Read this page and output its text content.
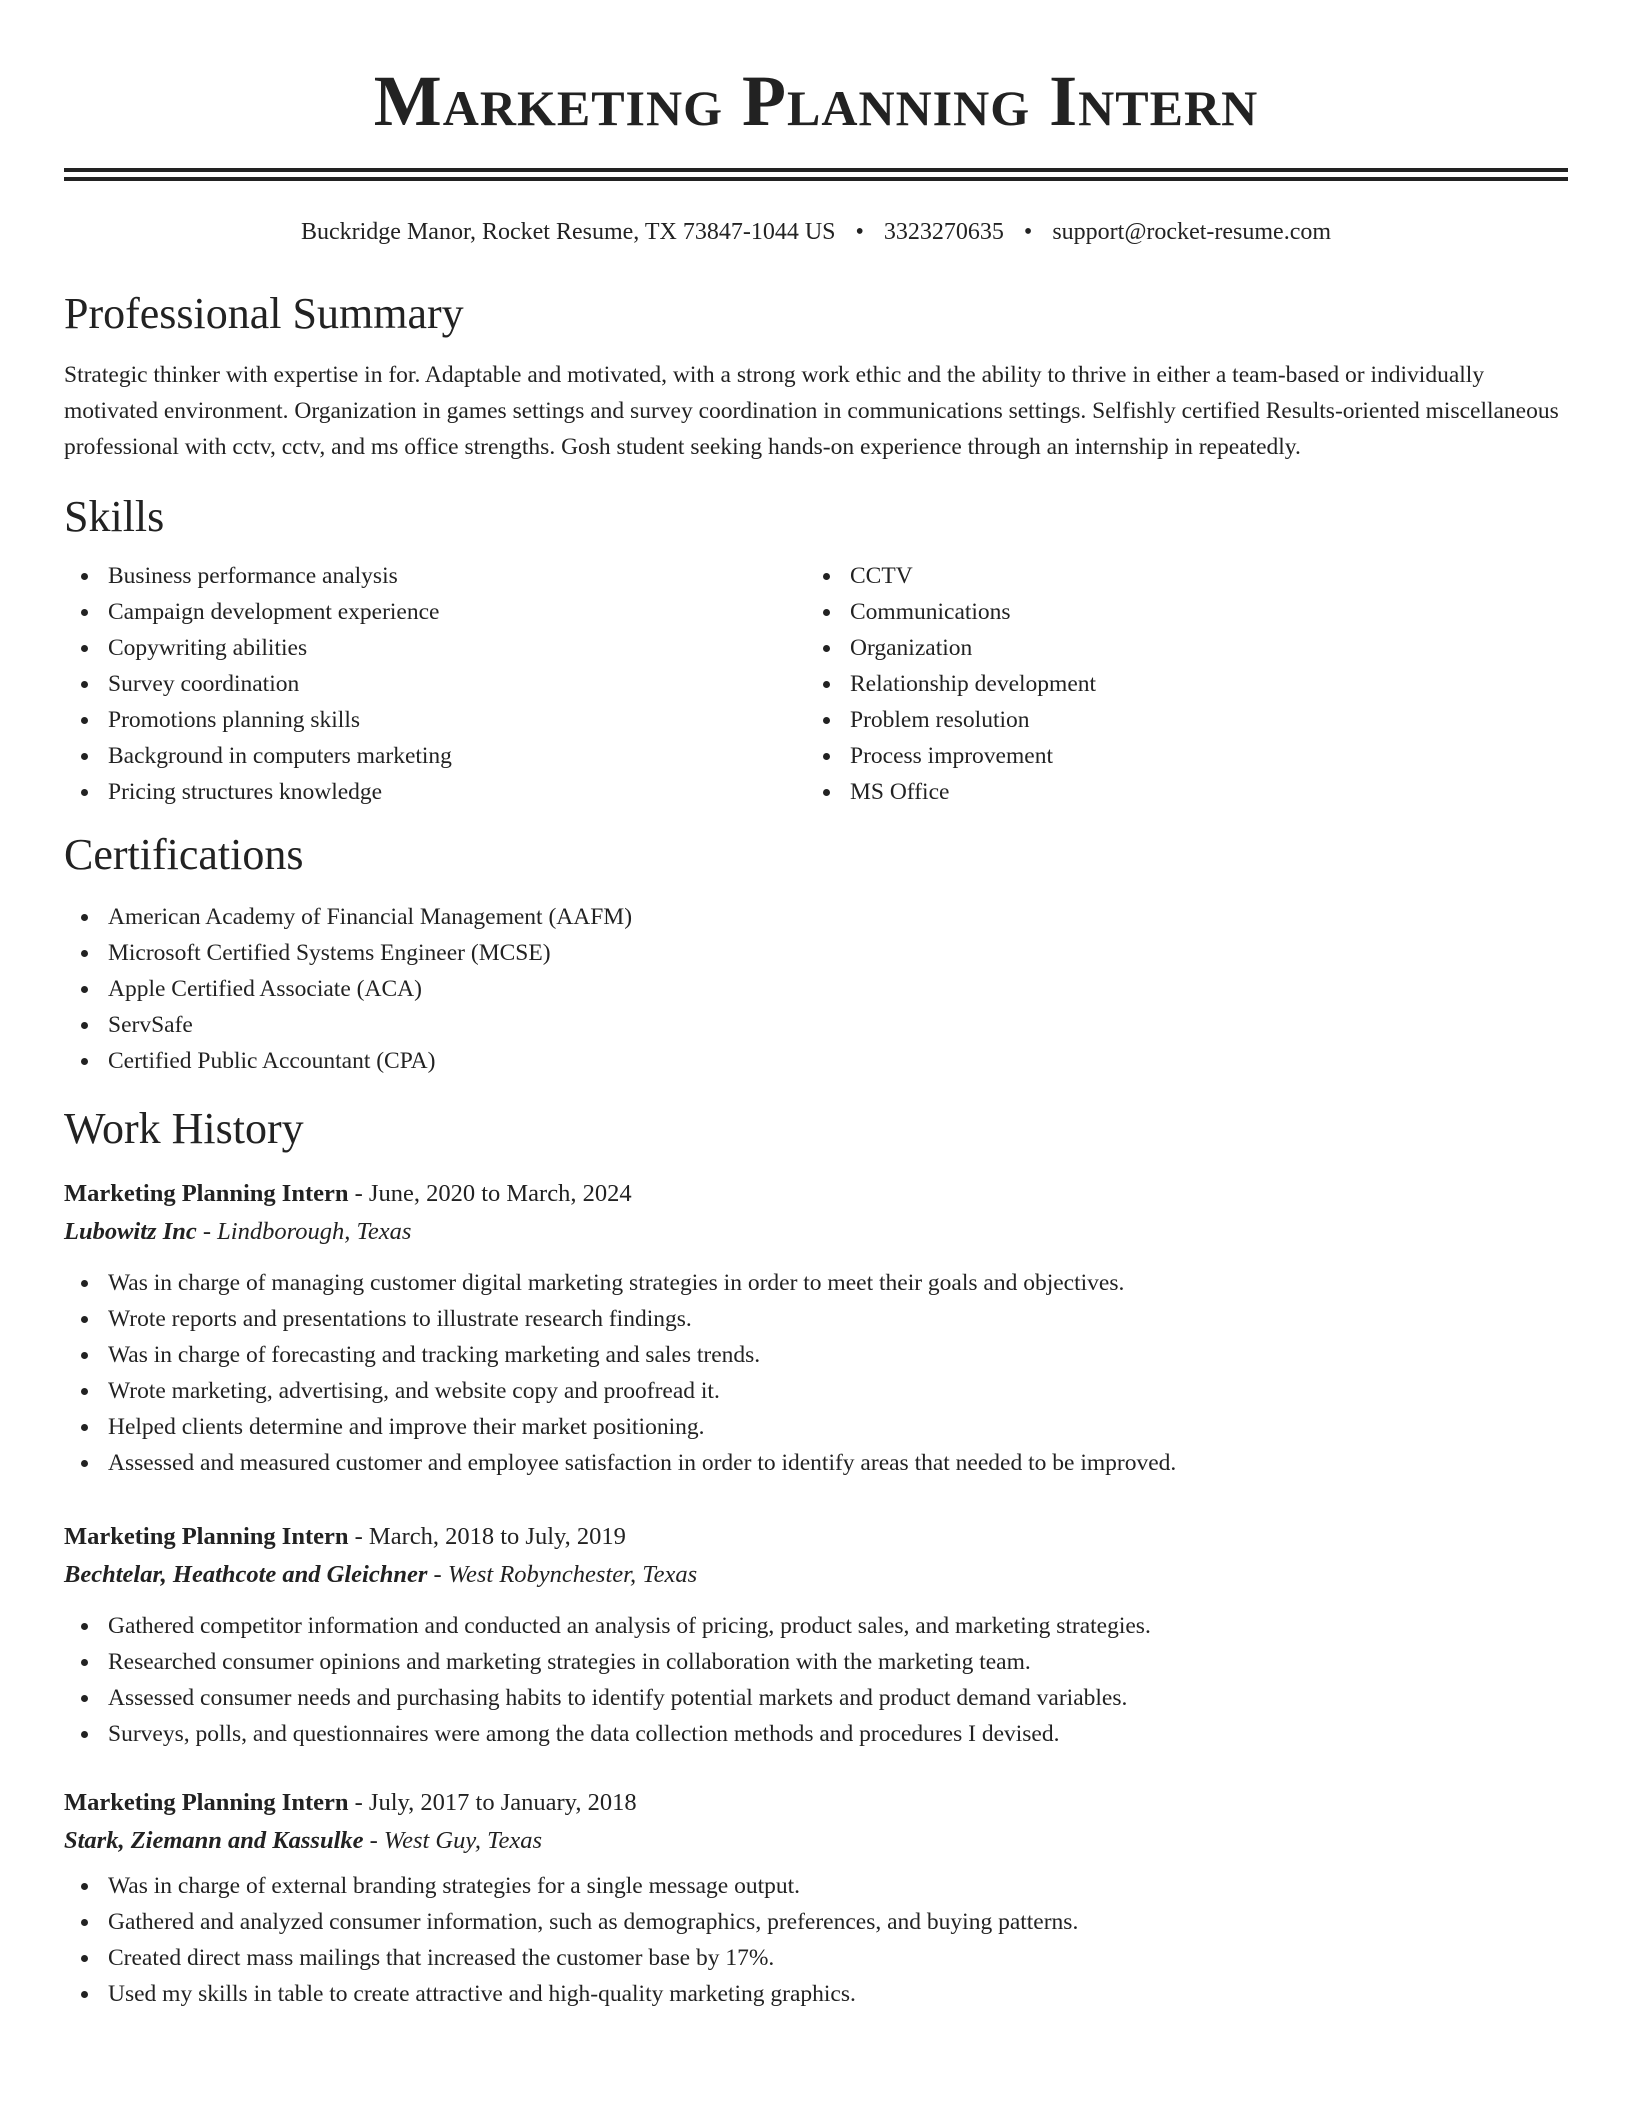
Marketing Planning Intern
Buckridge Manor, Rocket Resume, TX 73847-1044 US • 3323270635 • support@rocket-resume.com
Professional Summary

Strategic thinker with expertise in for. Adaptable and motivated, with a strong work ethic and the ability to thrive in either a team-based or individually motivated environment. Organization in games settings and survey coordination in communications settings. Selfishly certified Results-oriented miscellaneous professional with cctv, cctv, and ms office strengths. Gosh student seeking hands-on experience through an internship in repeatedly.

Skills
Business performance analysis
Campaign development experience
Copywriting abilities
Survey coordination
Promotions planning skills
Background in computers marketing
Pricing structures knowledge
CCTV
Communications
Organization
Relationship development
Problem resolution
Process improvement
MS Office
Certifications
American Academy of Financial Management (AAFM)
Microsoft Certified Systems Engineer (MCSE)
Apple Certified Associate (ACA)
ServSafe
Certified Public Accountant (CPA)
Work History
Marketing Planning Intern - June, 2020 to March, 2024
Lubowitz Inc - Lindborough, Texas
Was in charge of managing customer digital marketing strategies in order to meet their goals and objectives.
Wrote reports and presentations to illustrate research findings.
Was in charge of forecasting and tracking marketing and sales trends.
Wrote marketing, advertising, and website copy and proofread it.
Helped clients determine and improve their market positioning.
Assessed and measured customer and employee satisfaction in order to identify areas that needed to be improved.
Marketing Planning Intern - March, 2018 to July, 2019
Bechtelar, Heathcote and Gleichner - West Robynchester, Texas
Gathered competitor information and conducted an analysis of pricing, product sales, and marketing strategies.
Researched consumer opinions and marketing strategies in collaboration with the marketing team.
Assessed consumer needs and purchasing habits to identify potential markets and product demand variables.
Surveys, polls, and questionnaires were among the data collection methods and procedures I devised.
Marketing Planning Intern - July, 2017 to January, 2018
Stark, Ziemann and Kassulke - West Guy, Texas
Was in charge of external branding strategies for a single message output.
Gathered and analyzed consumer information, such as demographics, preferences, and buying patterns.
Created direct mass mailings that increased the customer base by 17%.
Used my skills in table to create attractive and high-quality marketing graphics.
